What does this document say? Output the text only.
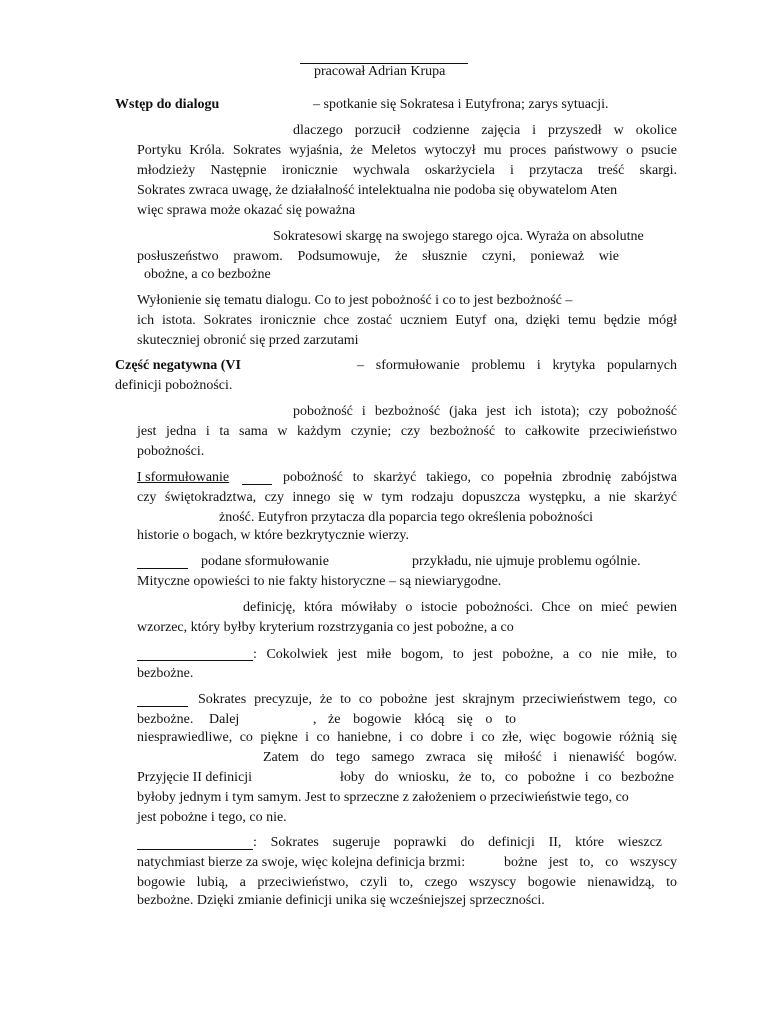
pracował Adrian Krupa
Wstęp do dialogu	– spotkanie się Sokratesa i Eutyfrona; zarys sytuacji.
dlaczego porzucił codzienne zajęcia i przyszedł w okolice
Portyku Króla. Sokrates wyjaśnia, że Meletos wytoczył mu proces państwowy o psucie
młodzieży Następnie ironicznie wychwala oskarżyciela i przytacza treść skargi.
Sokrates zwraca uwagę, że działalność intelektualna nie podoba się obywatelom Aten
więc sprawa może okazać się poważna
Sokratesowi skargę na swojego starego ojca. Wyraża on absolutne
posłuszeństwo prawom. Podsumowuje, że słusznie czyni, ponieważ wie
obożne, a co bezbożne
Wyłonienie się tematu dialogu. Co to jest pobożność i co to jest bezbożność –
ich istota. Sokrates ironicznie chce zostać uczniem Eutyf ona, dzięki temu będzie mógł
skuteczniej obronić się przed zarzutami
Część negatywna (VI	– sformułowanie problemu i krytyka popularnych
definicji pobożności.
pobożność i bezbożność (jaka jest ich istota); czy pobożność
jest jedna i ta sama w każdym czynie; czy bezbożność to całkowite przeciwieństwo
pobożności.
I sformułowanie	pobożność to skarżyć takiego, co popełnia zbrodnię zabójstwa
czy świętokradztwa, czy innego się w tym rodzaju dopuszcza występku, a nie skarżyć
żność. Eutyfron przytacza dla poparcia tego określenia pobożności
historie o bogach, w które bezkrytycznie wierzy.
podane sformułowanie	przykładu, nie ujmuje problemu ogólnie.
Mityczne opowieści to nie fakty historyczne – są niewiarygodne.
definicję, która mówiłaby o istocie pobożności. Chce on mieć pewien
wzorzec, który byłby kryterium rozstrzygania co jest pobożne, a co
: Cokolwiek jest miłe bogom, to jest pobożne, a co nie miłe, to
bezbożne.
Sokrates precyzuje, że to co pobożne jest skrajnym przeciwieństwem tego, co
bezbożne. Dalej	, że bogowie kłócą się o to
niesprawiedliwe, co piękne i co haniebne, i co dobre i co złe, więc bogowie różnią się
Zatem do tego samego zwraca się miłość i nienawiść bogów.
Przyjęcie II definicji	łoby do wniosku, że to, co pobożne i co bezbożne
byłoby jednym i tym samym. Jest to sprzeczne z założeniem o przeciwieństwie tego, co
jest pobożne i tego, co nie.
: Sokrates sugeruje poprawki do definicji II, które wieszcz
natychmiast bierze za swoje, więc kolejna definicja brzmi:	bożne jest to, co wszyscy
bogowie lubią, a przeciwieństwo, czyli to, czego wszyscy bogowie nienawidzą, to
bezbożne. Dzięki zmianie definicji unika się wcześniejszej sprzeczności.
